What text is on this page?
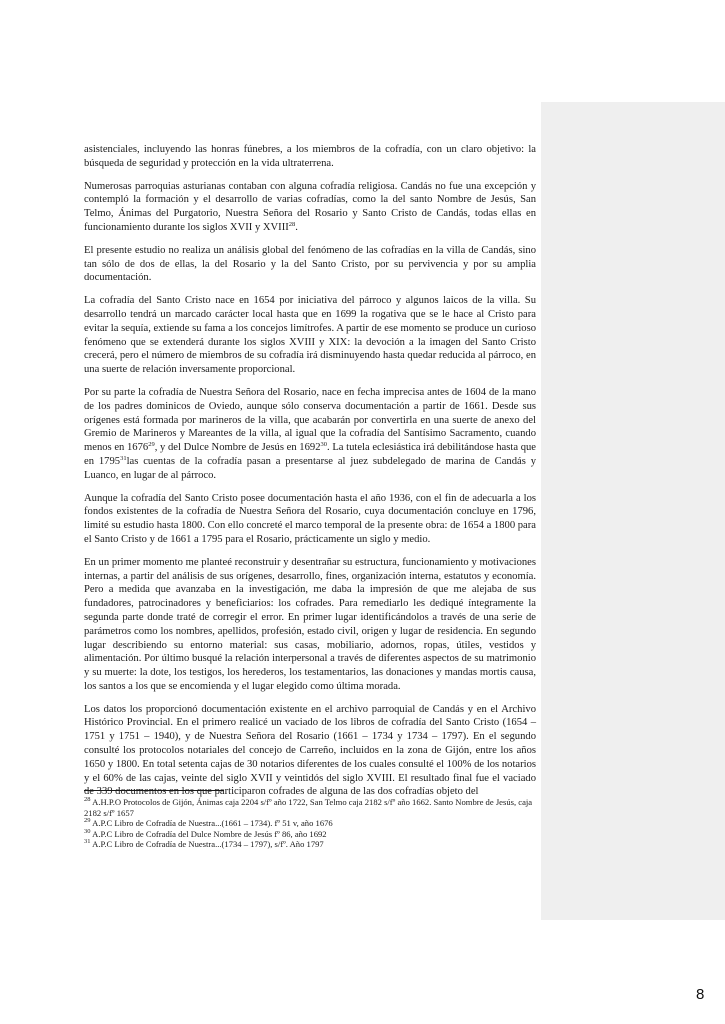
asistenciales, incluyendo las honras fúnebres, a los miembros de la cofradía, con un claro objetivo: la búsqueda de seguridad y protección en la vida ultraterrena.

Numerosas parroquias asturianas contaban con alguna cofradía religiosa. Candás no fue una excepción y contempló la formación y el desarrollo de varias cofradías, como la del santo Nombre de Jesús, San Telmo, Ánimas del Purgatorio, Nuestra Señora del Rosario y Santo Cristo de Candás, todas ellas en funcionamiento durante los siglos XVII y XVIII$^{28}$.

El presente estudio no realiza un análisis global del fenómeno de las cofradías en la villa de Candás, sino tan sólo de dos de ellas, la del Rosario y la del Santo Cristo, por su pervivencia y por su amplia documentación.

La cofradía del Santo Cristo nace en 1654 por iniciativa del párroco y algunos laicos de la villa. Su desarrollo tendrá un marcado carácter local hasta que en 1699 la rogativa que se le hace al Cristo para evitar la sequía, extiende su fama a los concejos limítrofes. A partir de ese momento se produce un curioso fenómeno que se extenderá durante los siglos XVIII y XIX: la devoción a la imagen del Santo Cristo crecerá, pero el número de miembros de su cofradía irá disminuyendo hasta quedar reducida al párroco, en una suerte de relación inversamente proporcional.

Por su parte la cofradía de Nuestra Señora del Rosario, nace en fecha imprecisa antes de 1604 de la mano de los padres dominicos de Oviedo, aunque sólo conserva documentación a partir de 1661. Desde sus orígenes está formada por marineros de la villa, que acabarán por convertirla en una suerte de anexo del Gremio de Marineros y Mareantes de la villa, al igual que la cofradía del Santísimo Sacramento, cuando menos en 1676$^{29}$, y del Dulce Nombre de Jesús en 1692$^{30}$. La tutela eclesiástica irá debilitándose hasta que en 1795$^{31}$las cuentas de la cofradía pasan a presentarse al juez subdelegado de marina de Candás y Luanco, en lugar de al párroco.

Aunque la cofradía del Santo Cristo posee documentación hasta el año 1936, con el fin de adecuarla a los fondos existentes de la cofradía de Nuestra Señora del Rosario, cuya documentación concluye en 1796, limité su estudio hasta 1800. Con ello concreté el marco temporal de la presente obra: de 1654 a 1800 para el Santo Cristo y de 1661 a 1795 para el Rosario, prácticamente un siglo y medio.

En un primer momento me planteé reconstruir y desentrañar su estructura, funcionamiento y motivaciones internas, a partir del análisis de sus orígenes, desarrollo, fines, organización interna, estatutos y economía. Pero a medida que avanzaba en la investigación, me daba la impresión de que me alejaba de sus fundadores, patrocinadores y beneficiarios: los cofrades. Para remediarlo les dediqué íntegramente la segunda parte donde traté de corregir el error. En primer lugar identificándolos a través de una serie de parámetros como los nombres, apellidos, profesión, estado civil, origen y lugar de residencia. En segundo lugar describiendo su entorno material: sus casas, mobiliario, adornos, ropas, útiles, vestidos y alimentación. Por último busqué la relación interpersonal a través de diferentes aspectos de su matrimonio y su muerte: la dote, los testigos, los herederos, los testamentarios, las donaciones y mandas mortis causa, los santos a los que se encomienda y el lugar elegido como última morada.

Los datos los proporcionó documentación existente en el archivo parroquial de Candás y en el Archivo Histórico Provincial. En el primero realicé un vaciado de los libros de cofradía del Santo Cristo (1654 – 1751 y 1751 – 1940), y de Nuestra Señora del Rosario (1661 – 1734 y 1734 – 1797). En el segundo consulté los protocolos notariales del concejo de Carreño, incluidos en la zona de Gijón, entre los años 1650 y 1800. En total setenta cajas de 30 notarios diferentes de los cuales consulté el 100% de los notarios y el 60% de las cajas, veinte del siglo XVII y veintidós del siglo XVIII. El resultado final fue el vaciado de 339 documentos en los que participaron cofrades de alguna de las dos cofradías objeto del

$^{28}$ A.H.P.O Protocolos de Gijón, Ánimas caja 2204 s/fº año 1722, San Telmo caja 2182 s/fº año 1662. Santo Nombre de Jesús, caja 2182 s/fº 1657
$^{29}$ A.P.C Libro de Cofradía de Nuestra...(1661 – 1734). fº 51 v, año 1676
$^{30}$ A.P.C Libro de Cofradía del Dulce Nombre de Jesús fº 86, año 1692
$^{31}$ A.P.C Libro de Cofradía de Nuestra...(1734 – 1797), s/fº. Año 1797
8
